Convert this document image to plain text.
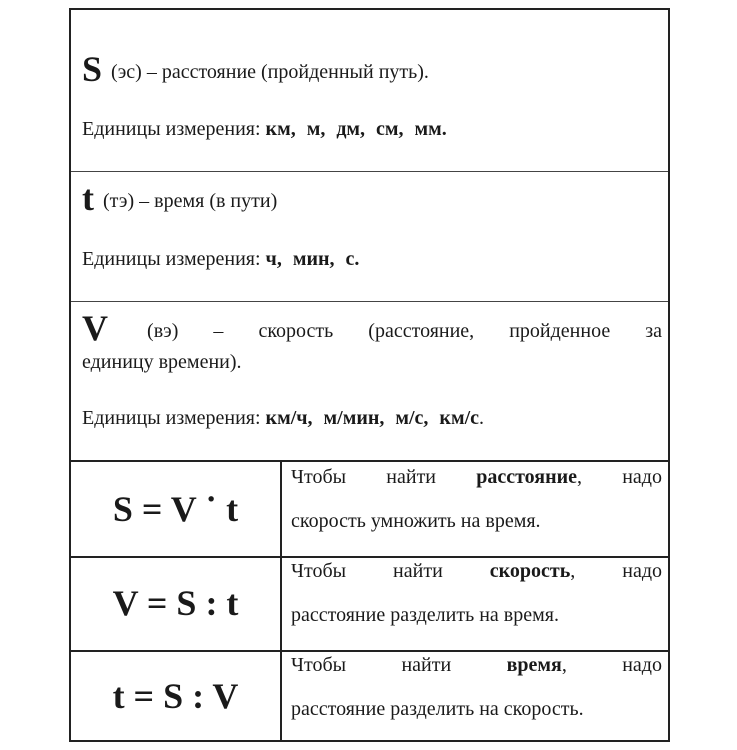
S (эс) – расстояние (пройденный путь).
Единицы измерения: км, м, дм, см, мм.
t (тэ) – время (в пути)
Единицы измерения: ч, мин, с.
V (вэ) – скорость (расстояние, пройденное за
единицу времени).
Единицы измерения: км/ч, м/мин, м/с, км/с.
S = V ˙ t
Чтобы найти расстояние, надо
скорость умножить на время.
V = S : t
Чтобы найти скорость, надо
расстояние разделить на время.
t = S : V
Чтобы найти время, надо
расстояние разделить на скорость.
